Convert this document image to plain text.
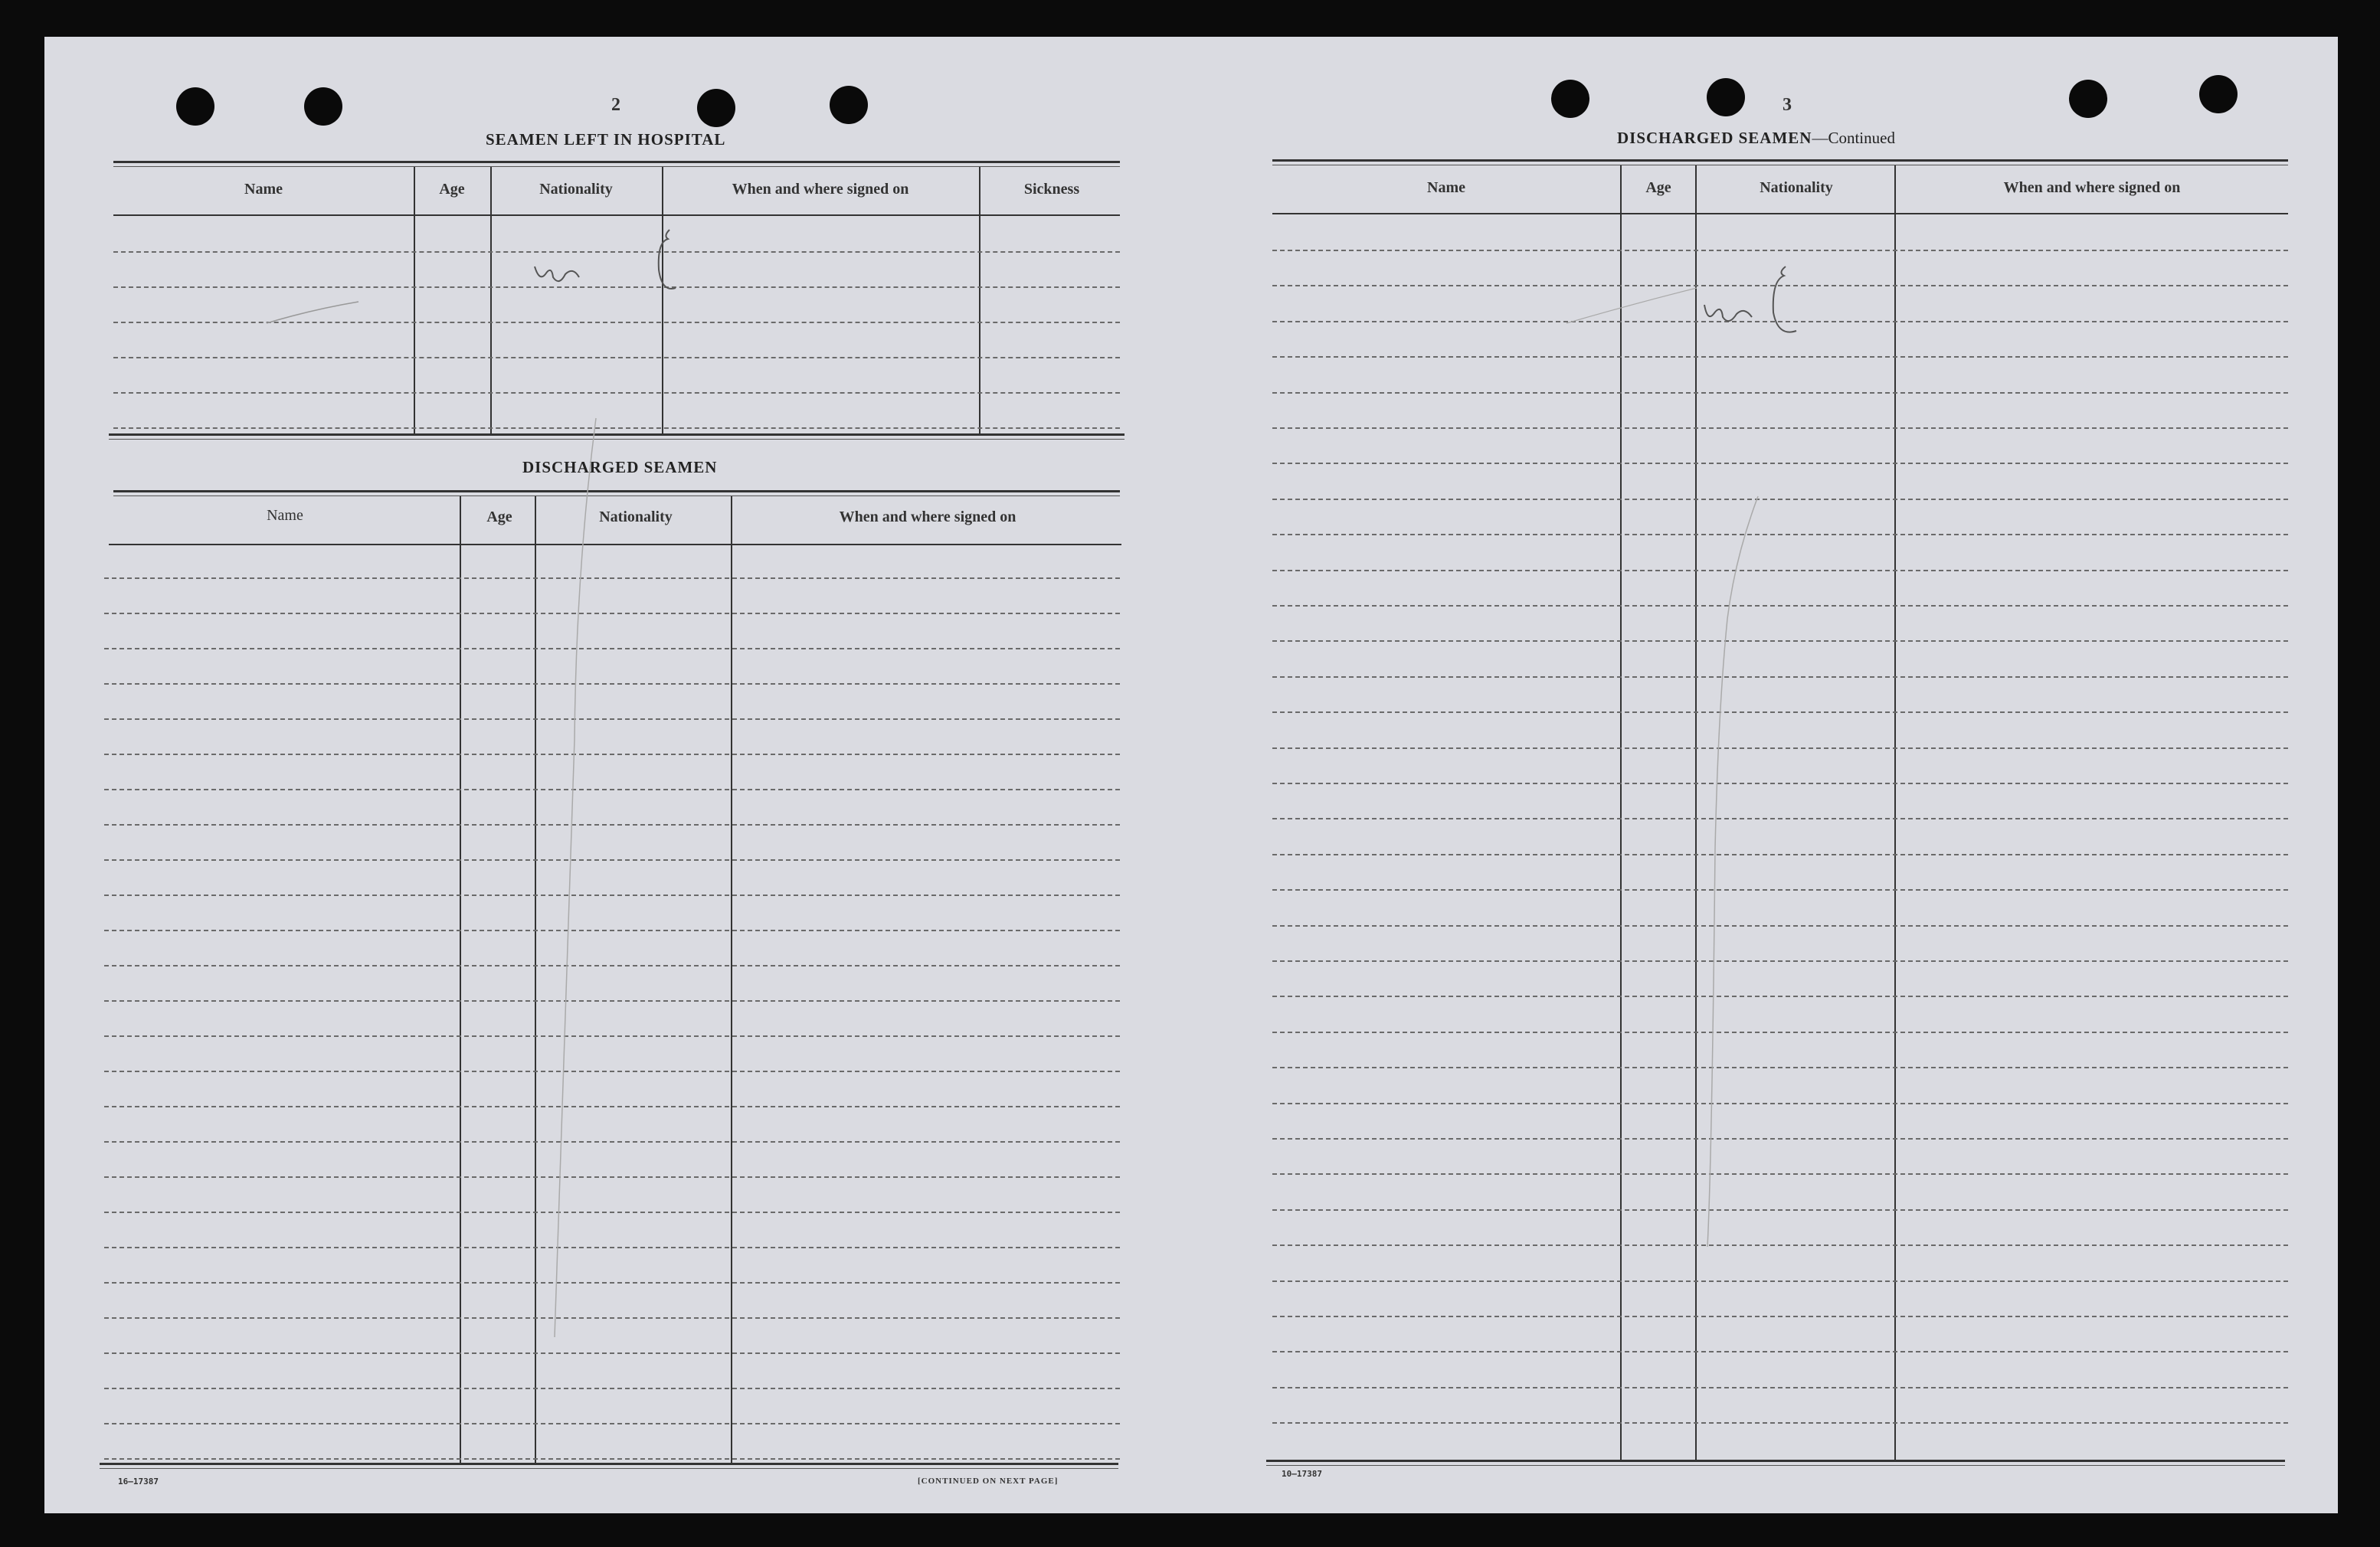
2
SEAMEN LEFT IN HOSPITAL
Name	Age	Nationality	When and where signed on	Sickness
DISCHARGED SEAMEN
Name	Age	Nationality	When and where signed on
16—17387	[CONTINUED ON NEXT PAGE]
3
DISCHARGED SEAMEN—Continued
Name	Age	Nationality	When and where signed on
10—17387
